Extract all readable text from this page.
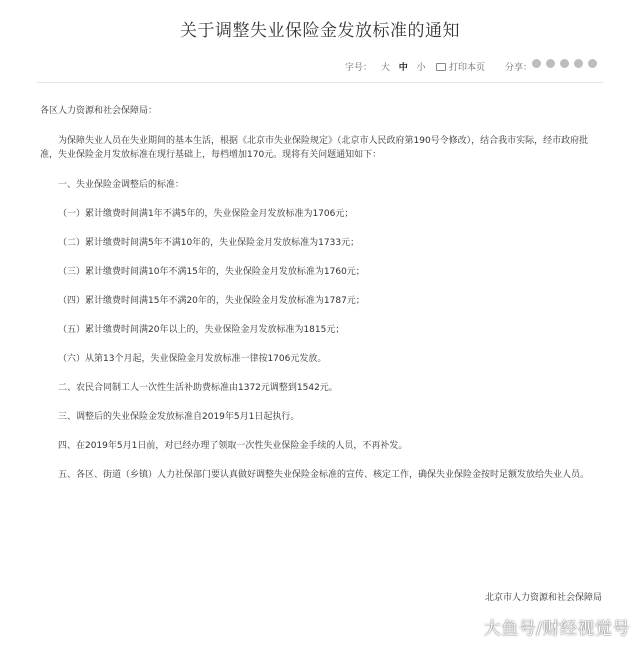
关于调整失业保险金发放标准的通知
字号： 大 中 小	打印本页 分享：

各区人力资源和社会保障局：

为保障失业人员在失业期间的基本生活，根据《北京市失业保险规定》（北京市人民政府第190号令修改），结合我市实际，经市政府批准，失业保险金月发放标准在现行基础上，每档增加170元。现将有关问题通知如下：

一、失业保险金调整后的标准：

（一）累计缴费时间满1年不满5年的，失业保险金月发放标准为1706元；

（二）累计缴费时间满5年不满10年的，失业保险金月发放标准为1733元；

（三）累计缴费时间满10年不满15年的，失业保险金月发放标准为1760元；

（四）累计缴费时间满15年不满20年的，失业保险金月发放标准为1787元；

（五）累计缴费时间满20年以上的，失业保险金月发放标准为1815元；

（六）从第13个月起，失业保险金月发放标准一律按1706元发放。

二、农民合同制工人一次性生活补助费标准由1372元调整到1542元。

三、调整后的失业保险金发放标准自2019年5月1日起执行。

四、在2019年5月1日前，对已经办理了领取一次性失业保险金手续的人员，不再补发。

五、各区、街道（乡镇）人力社保部门要认真做好调整失业保险金标准的宣传、核定工作，确保失业保险金按时足额发放给失业人员。

北京市人力资源和社会保障局
大鱼号/财经视觉号
